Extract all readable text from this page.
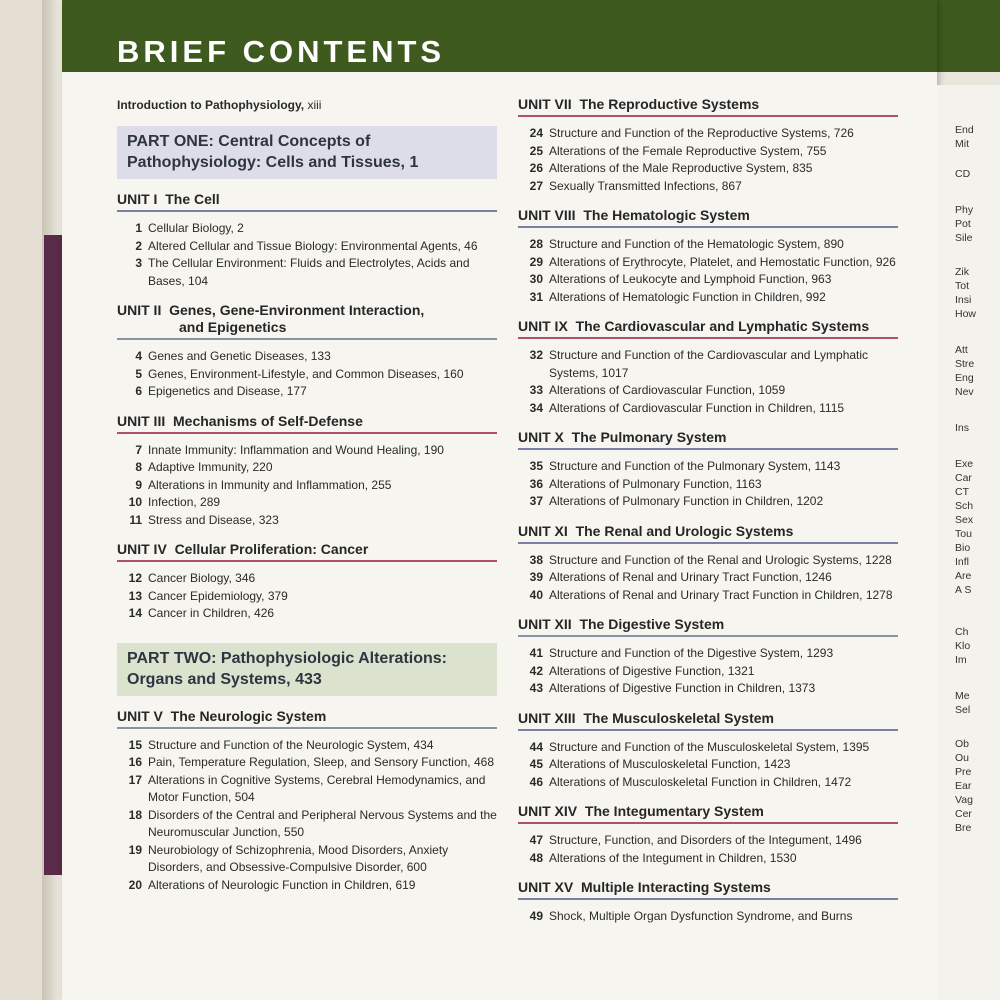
BRIEF CONTENTS
Introduction to Pathophysiology, xiii
PART ONE: Central Concepts of
Pathophysiology: Cells and Tissues, 1
UNIT I The Cell
1 Cellular Biology, 2
2 Altered Cellular and Tissue Biology: Environmental Agents, 46
3 The Cellular Environment: Fluids and Electrolytes, Acids and Bases, 104
UNIT II Genes, Gene-Environment Interaction,
and Epigenetics
4 Genes and Genetic Diseases, 133
5 Genes, Environment-Lifestyle, and Common Diseases, 160
6 Epigenetics and Disease, 177
UNIT III Mechanisms of Self-Defense
7 Innate Immunity: Inflammation and Wound Healing, 190
8 Adaptive Immunity, 220
9 Alterations in Immunity and Inflammation, 255
10 Infection, 289
11 Stress and Disease, 323
UNIT IV Cellular Proliferation: Cancer
12 Cancer Biology, 346
13 Cancer Epidemiology, 379
14 Cancer in Children, 426
PART TWO: Pathophysiologic Alterations:
Organs and Systems, 433
UNIT V The Neurologic System
15 Structure and Function of the Neurologic System, 434
16 Pain, Temperature Regulation, Sleep, and Sensory Function, 468
17 Alterations in Cognitive Systems, Cerebral Hemodynamics, and Motor Function, 504
18 Disorders of the Central and Peripheral Nervous Systems and the Neuromuscular Junction, 550
19 Neurobiology of Schizophrenia, Mood Disorders, Anxiety Disorders, and Obsessive-Compulsive Disorder, 600
20 Alterations of Neurologic Function in Children, 619
UNIT VII The Reproductive Systems
24 Structure and Function of the Reproductive Systems, 726
25 Alterations of the Female Reproductive System, 755
26 Alterations of the Male Reproductive System, 835
27 Sexually Transmitted Infections, 867
UNIT VIII The Hematologic System
28 Structure and Function of the Hematologic System, 890
29 Alterations of Erythrocyte, Platelet, and Hemostatic Function, 926
30 Alterations of Leukocyte and Lymphoid Function, 963
31 Alterations of Hematologic Function in Children, 992
UNIT IX The Cardiovascular and Lymphatic Systems
32 Structure and Function of the Cardiovascular and Lymphatic Systems, 1017
33 Alterations of Cardiovascular Function, 1059
34 Alterations of Cardiovascular Function in Children, 1115
UNIT X The Pulmonary System
35 Structure and Function of the Pulmonary System, 1143
36 Alterations of Pulmonary Function, 1163
37 Alterations of Pulmonary Function in Children, 1202
UNIT XI The Renal and Urologic Systems
38 Structure and Function of the Renal and Urologic Systems, 1228
39 Alterations of Renal and Urinary Tract Function, 1246
40 Alterations of Renal and Urinary Tract Function in Children, 1278
UNIT XII The Digestive System
41 Structure and Function of the Digestive System, 1293
42 Alterations of Digestive Function, 1321
43 Alterations of Digestive Function in Children, 1373
UNIT XIII The Musculoskeletal System
44 Structure and Function of the Musculoskeletal System, 1395
45 Alterations of Musculoskeletal Function, 1423
46 Alterations of Musculoskeletal Function in Children, 1472
UNIT XIV The Integumentary System
47 Structure, Function, and Disorders of the Integument, 1496
48 Alterations of the Integument in Children, 1530
UNIT XV Multiple Interacting Systems
49 Shock, Multiple Organ Dysfunction Syndrome, and Burns
End
Mit
CD
Phy
Pot
Sile
Zik
Tot
Insi
How
Att
Stre
Eng
Nev
Ins
Exe
Car
CT
Sch
Sex
Tou
Bio
Infl
Are
A S
Ch
Klo
Im
Me
Sel
Ob
Ou
Pre
Ear
Vag
Cer
Bre
